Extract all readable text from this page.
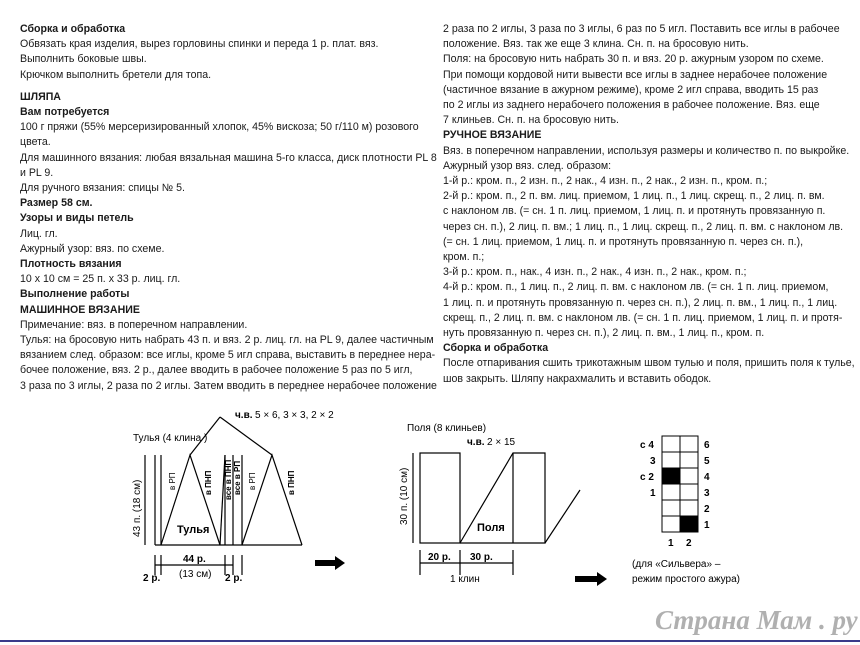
Сборка и обработка

Обвязать края изделия, вырез горловины спинки и переда 1 р. плат. вяз.

Выполнить боковые швы.

Крючком выполнить бретели для топа.

ШЛЯПА

Вам потребуется

100 г пряжи (55% мерсеризированный хлопок, 45% вискоза; 50 г/110 м) розового

цвета.

Для машинного вязания: любая вязальная машина 5-го класса, диск плотности PL 8

и PL 9.

Для ручного вязания: спицы № 5.

Размер 58 см.

Узоры и виды петель

Лиц. гл.

Ажурный узор: вяз. по схеме.

Плотность вязания

10 х 10 см = 25 п. х 33 р. лиц. гл.

Выполнение работы

МАШИННОЕ ВЯЗАНИЕ

Примечание: вяз. в поперечном направлении.

Тулья: на бросовую нить набрать 43 п. и вяз. 2 р. лиц. гл. на PL 9, далее частичным

вязанием след. образом: все иглы, кроме 5 игл справа, выставить в переднее нера-

бочее положение, вяз. 2 р., далее вводить в рабочее положение 5 раз по 5 игл,

3 раза по 3 иглы, 2 раза по 2 иглы. Затем вводить в переднее нерабочее положение

2 раза по 2 иглы, 3 раза по 3 иглы, 6 раз по 5 игл. Поставить все иглы в рабочее

положение. Вяз. так же еще 3 клина. Сн. п. на бросовую нить.

Поля: на бросовую нить набрать 30 п. и вяз. 20 р. ажурным узором по схеме.

При помощи кордовой нити вывести все иглы в заднее нерабочее положение

(частичное вязание в ажурном режиме), кроме 2 игл справа, вводить 15 раз

по 2 иглы из заднего нерабочего положения в рабочее положение. Вяз. еще

7 клиньев. Сн. п. на бросовую нить.

РУЧНОЕ ВЯЗАНИЕ

Вяз. в поперечном направлении, используя размеры и количество п. по выкройке.

Ажурный узор вяз. след. образом:

1-й р.: кром. п., 2 изн. п., 2 нак., 4 изн. п., 2 нак., 2 изн. п., кром. п.;

2-й р.: кром. п., 2 п. вм. лиц. приемом, 1 лиц. п., 1 лиц. скрещ. п., 2 лиц. п. вм.

с наклоном лв. (= сн. 1 п. лиц. приемом, 1 лиц. п. и протянуть провязанную п.

через сн. п.), 2 лиц. п. вм.; 1 лиц. п., 1 лиц. скрещ. п., 2 лиц. п. вм. с наклоном лв.

(= сн. 1 лиц. приемом, 1 лиц. п. и протянуть провязанную п. через сн. п.),

кром. п.;

3-й р.: кром. п., нак., 4 изн. п., 2 нак., 4 изн. п., 2 нак., кром. п.;

4-й р.: кром. п., 1 лиц. п., 2 лиц. п. вм. с наклоном лв. (= сн. 1 п. лиц. приемом,

1 лиц. п. и протянуть провязанную п. через сн. п.), 2 лиц. п. вм., 1 лиц. п., 1 лиц.

скрещ. п., 2 лиц. п. вм. с наклоном лв. (= сн. 1 п. лиц. приемом, 1 лиц. п. и протя-

нуть провязанную п. через сн. п.), 2 лиц. п. вм., 1 лиц. п., кром. п.

Сборка и обработка

После отпаривания сшить трикотажным швом тулью и поля, пришить поля к тулье,

шов закрыть. Шляпу накрахмалить и вставить ободок.

Тулья (4 клина )
ч.в. 5 × 6, 3 × 3, 2 × 2
43 п. (18 см)	в РП	в ПНП все в ПНП все в РП в РП	в ПНП
Тулья
44 р.
(13 см)
2 р.	2 р.
Поля (8 клиньев)
ч.в. 2 × 15
30 п. (10 см)
Поля
20 р. 30 р.
1 клин
с 4
3
с 2
1
6
5
4
3
2
1
1 2
(для «Сильвера» –
режим простого ажура)
Страна Мам . ру
